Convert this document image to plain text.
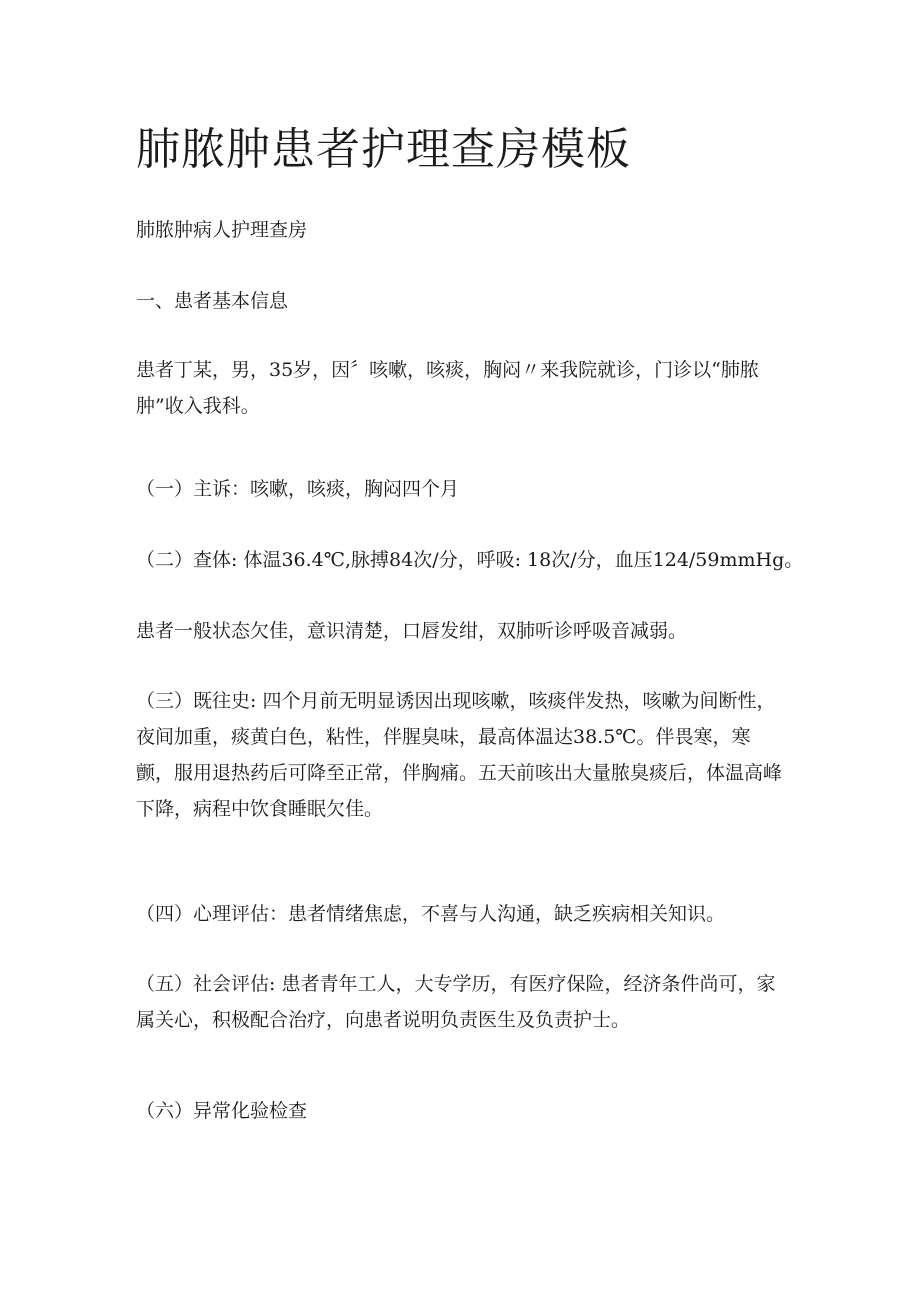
肺脓肿患者护理查房模板

肺脓肿病人护理查房

一、患者基本信息

患者丁某，男，35岁，因〞咳嗽，咳痰，胸闷〃来我院就诊，门诊以“肺脓肿”收入我科。

（一）主诉：咳嗽，咳痰，胸闷四个月

（二）查体: 体温36.4℃,脉搏84次/分，呼吸: 18次/分，血压124/59mmHg。

患者一般状态欠佳，意识清楚，口唇发绀，双肺听诊呼吸音减弱。

（三）既往史: 四个月前无明显诱因出现咳嗽，咳痰伴发热，咳嗽为间断性，夜间加重，痰黄白色，粘性，伴腥臭味，最高体温达38.5℃。伴畏寒，寒颤，服用退热药后可降至正常，伴胸痛。五天前咳出大量脓臭痰后，体温高峰下降，病程中饮食睡眠欠佳。

（四）心理评估：患者情绪焦虑，不喜与人沟通，缺乏疾病相关知识。

（五）社会评估: 患者青年工人，大专学历，有医疗保险，经济条件尚可，家属关心，积极配合治疗，向患者说明负责医生及负责护士。

（六）异常化验检查
